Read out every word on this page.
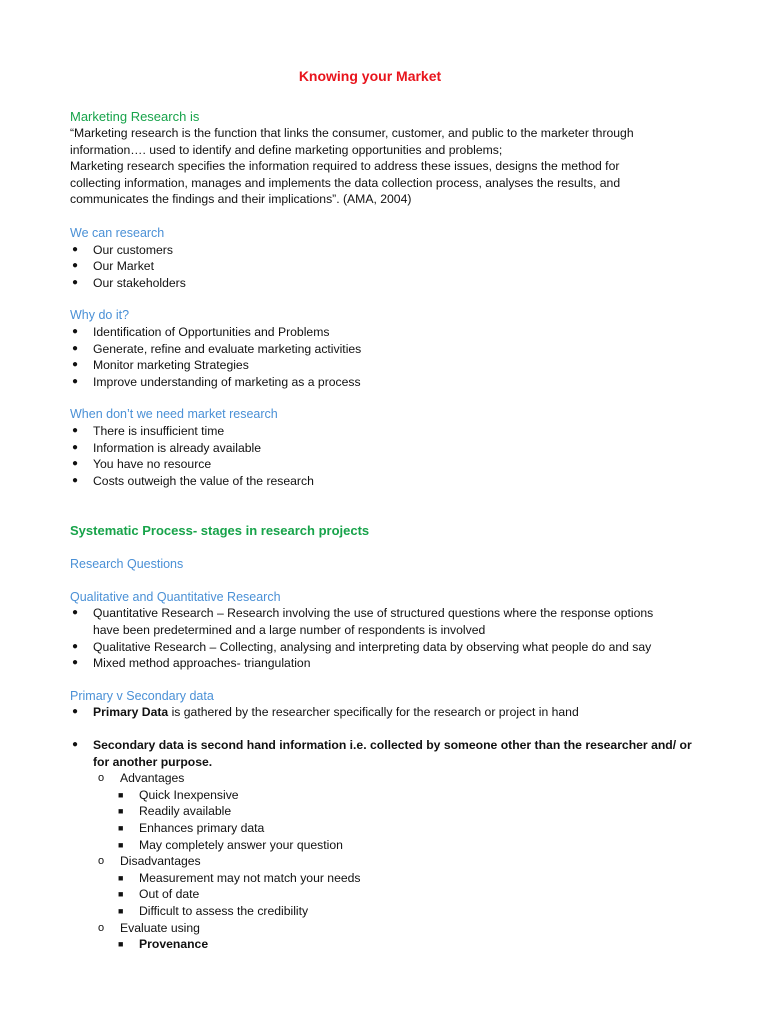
Knowing your Market
Marketing Research is

“Marketing research is the function that links the consumer, customer, and public to the marketer through

information…. used to identify and define marketing opportunities and problems;

Marketing research specifies the information required to address these issues, designs the method for

collecting information, manages and implements the data collection process, analyses the results, and

communicates the findings and their implications”. (AMA, 2004)

We can research
● Our customers
● Our Market
● Our stakeholders
Why do it?
● Identification of Opportunities and Problems
● Generate, refine and evaluate marketing activities
● Monitor marketing Strategies
● Improve understanding of marketing as a process
When don’t we need market research
● There is insufficient time
● Information is already available
● You have no resource
● Costs outweigh the value of the research
Systematic Process- stages in research projects
Research Questions
Qualitative and Quantitative Research
● Quantitative Research – Research involving the use of structured questions where the response options
have been predetermined and a large number of respondents is involved
● Qualitative Research – Collecting, analysing and interpreting data by observing what people do and say
● Mixed method approaches- triangulation
Primary v Secondary data
● Primary Data is gathered by the researcher specifically for the research or project in hand
● Secondary data is second hand information i.e. collected by someone other than the researcher and/ or
for another purpose.
o Advantages
■ Quick Inexpensive
■ Readily available
■ Enhances primary data
■ May completely answer your question
o Disadvantages
■ Measurement may not match your needs
■ Out of date
■ Difficult to assess the credibility
o Evaluate using
■ Provenance
